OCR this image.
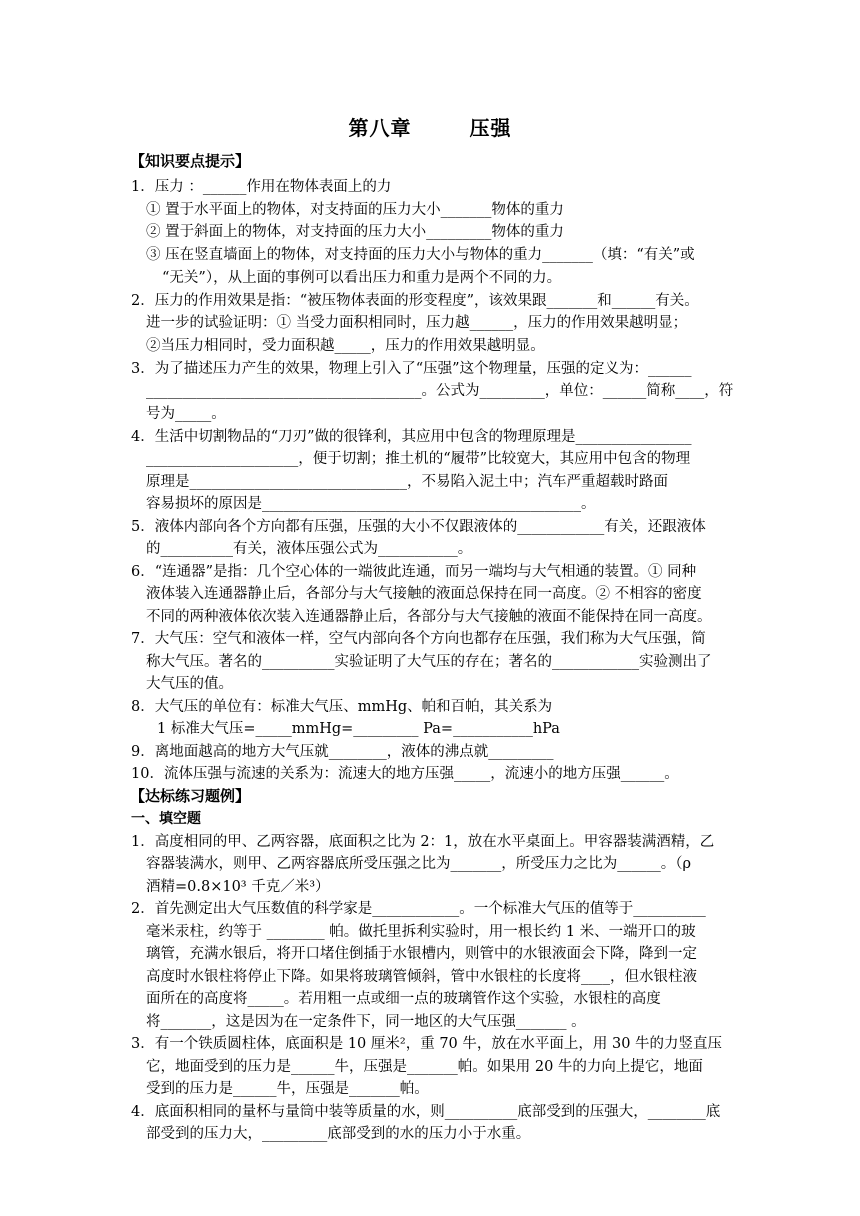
第八章	压强
【知识要点提示】
1．压力 ：______作用在物体表面上的力
① 置于水平面上的物体，对支持面的压力大小_______物体的重力
② 置于斜面上的物体，对支持面的压力大小_________物体的重力
③ 压在竖直墙面上的物体，对支持面的压力大小与物体的重力_______（填：“有关”或
“无关”），从上面的事例可以看出压力和重力是两个不同的力。
2．压力的作用效果是指：“被压物体表面的形变程度”，该效果跟_______和______有关。
进一步的试验证明：① 当受力面积相同时，压力越______，压力的作用效果越明显；
②当压力相同时，受力面积越_____，压力的作用效果越明显。
3．为了描述压力产生的效果，物理上引入了“压强”这个物理量，压强的定义为：______
______________________________________。公式为_________，单位：______简称____，符
号为_____。
4．生活中切割物品的“刀刃”做的很锋利，其应用中包含的物理原理是________________
_____________________，便于切割；推土机的“履带”比较宽大，其应用中包含的物理
原理是______________________________，不易陷入泥土中；汽车严重超载时路面
容易损坏的原因是____________________________________________。
5．液体内部向各个方向都有压强，压强的大小不仅跟液体的____________有关，还跟液体
的__________有关，液体压强公式为___________。
6．“连通器”是指：几个空心体的一端彼此连通，而另一端均与大气相通的装置。① 同种
液体装入连通器静止后，各部分与大气接触的液面总保持在同一高度。② 不相容的密度
不同的两种液体依次装入连通器静止后，各部分与大气接触的液面不能保持在同一高度。
7．大气压：空气和液体一样，空气内部向各个方向也都存在压强，我们称为大气压强，简
称大气压。著名的__________实验证明了大气压的存在；著名的____________实验测出了
大气压的值。
8．大气压的单位有：标准大气压、mmHg、帕和百帕，其关系为
1 标准大气压=_____mmHg=_________ Pa=___________hPa
9．离地面越高的地方大气压就________，液体的沸点就_________
10．流体压强与流速的关系为：流速大的地方压强_____，流速小的地方压强______。
【达标练习题例】
一、填空题
1．高度相同的甲、乙两容器，底面积之比为 2：1，放在水平桌面上。甲容器装满酒精，乙
容器装满水，则甲、乙两容器底所受压强之比为_______，所受压力之比为______。（ρ
酒精=0.8×10³ 千克／米³）
2．首先测定出大气压数值的科学家是____________。一个标准大气压的值等于__________
毫米汞柱，约等于 ________ 帕。做托里拆利实验时，用一根长约 1 米、一端开口的玻
璃管，充满水银后，将开口堵住倒插于水银槽内，则管中的水银液面会下降，降到一定
高度时水银柱将停止下降。如果将玻璃管倾斜，管中水银柱的长度将____，但水银柱液
面所在的高度将_____。若用粗一点或细一点的玻璃管作这个实验，水银柱的高度
将_______，这是因为在一定条件下，同一地区的大气压强_______ 。
3．有一个铁质圆柱体，底面积是 10 厘米²，重 70 牛，放在水平面上，用 30 牛的力竖直压
它，地面受到的压力是______牛，压强是_______帕。如果用 20 牛的力向上提它，地面
受到的压力是______牛，压强是_______帕。
4．底面积相同的量杯与量筒中装等质量的水，则__________底部受到的压强大，________底
部受到的压力大，_________底部受到的水的压力小于水重。
